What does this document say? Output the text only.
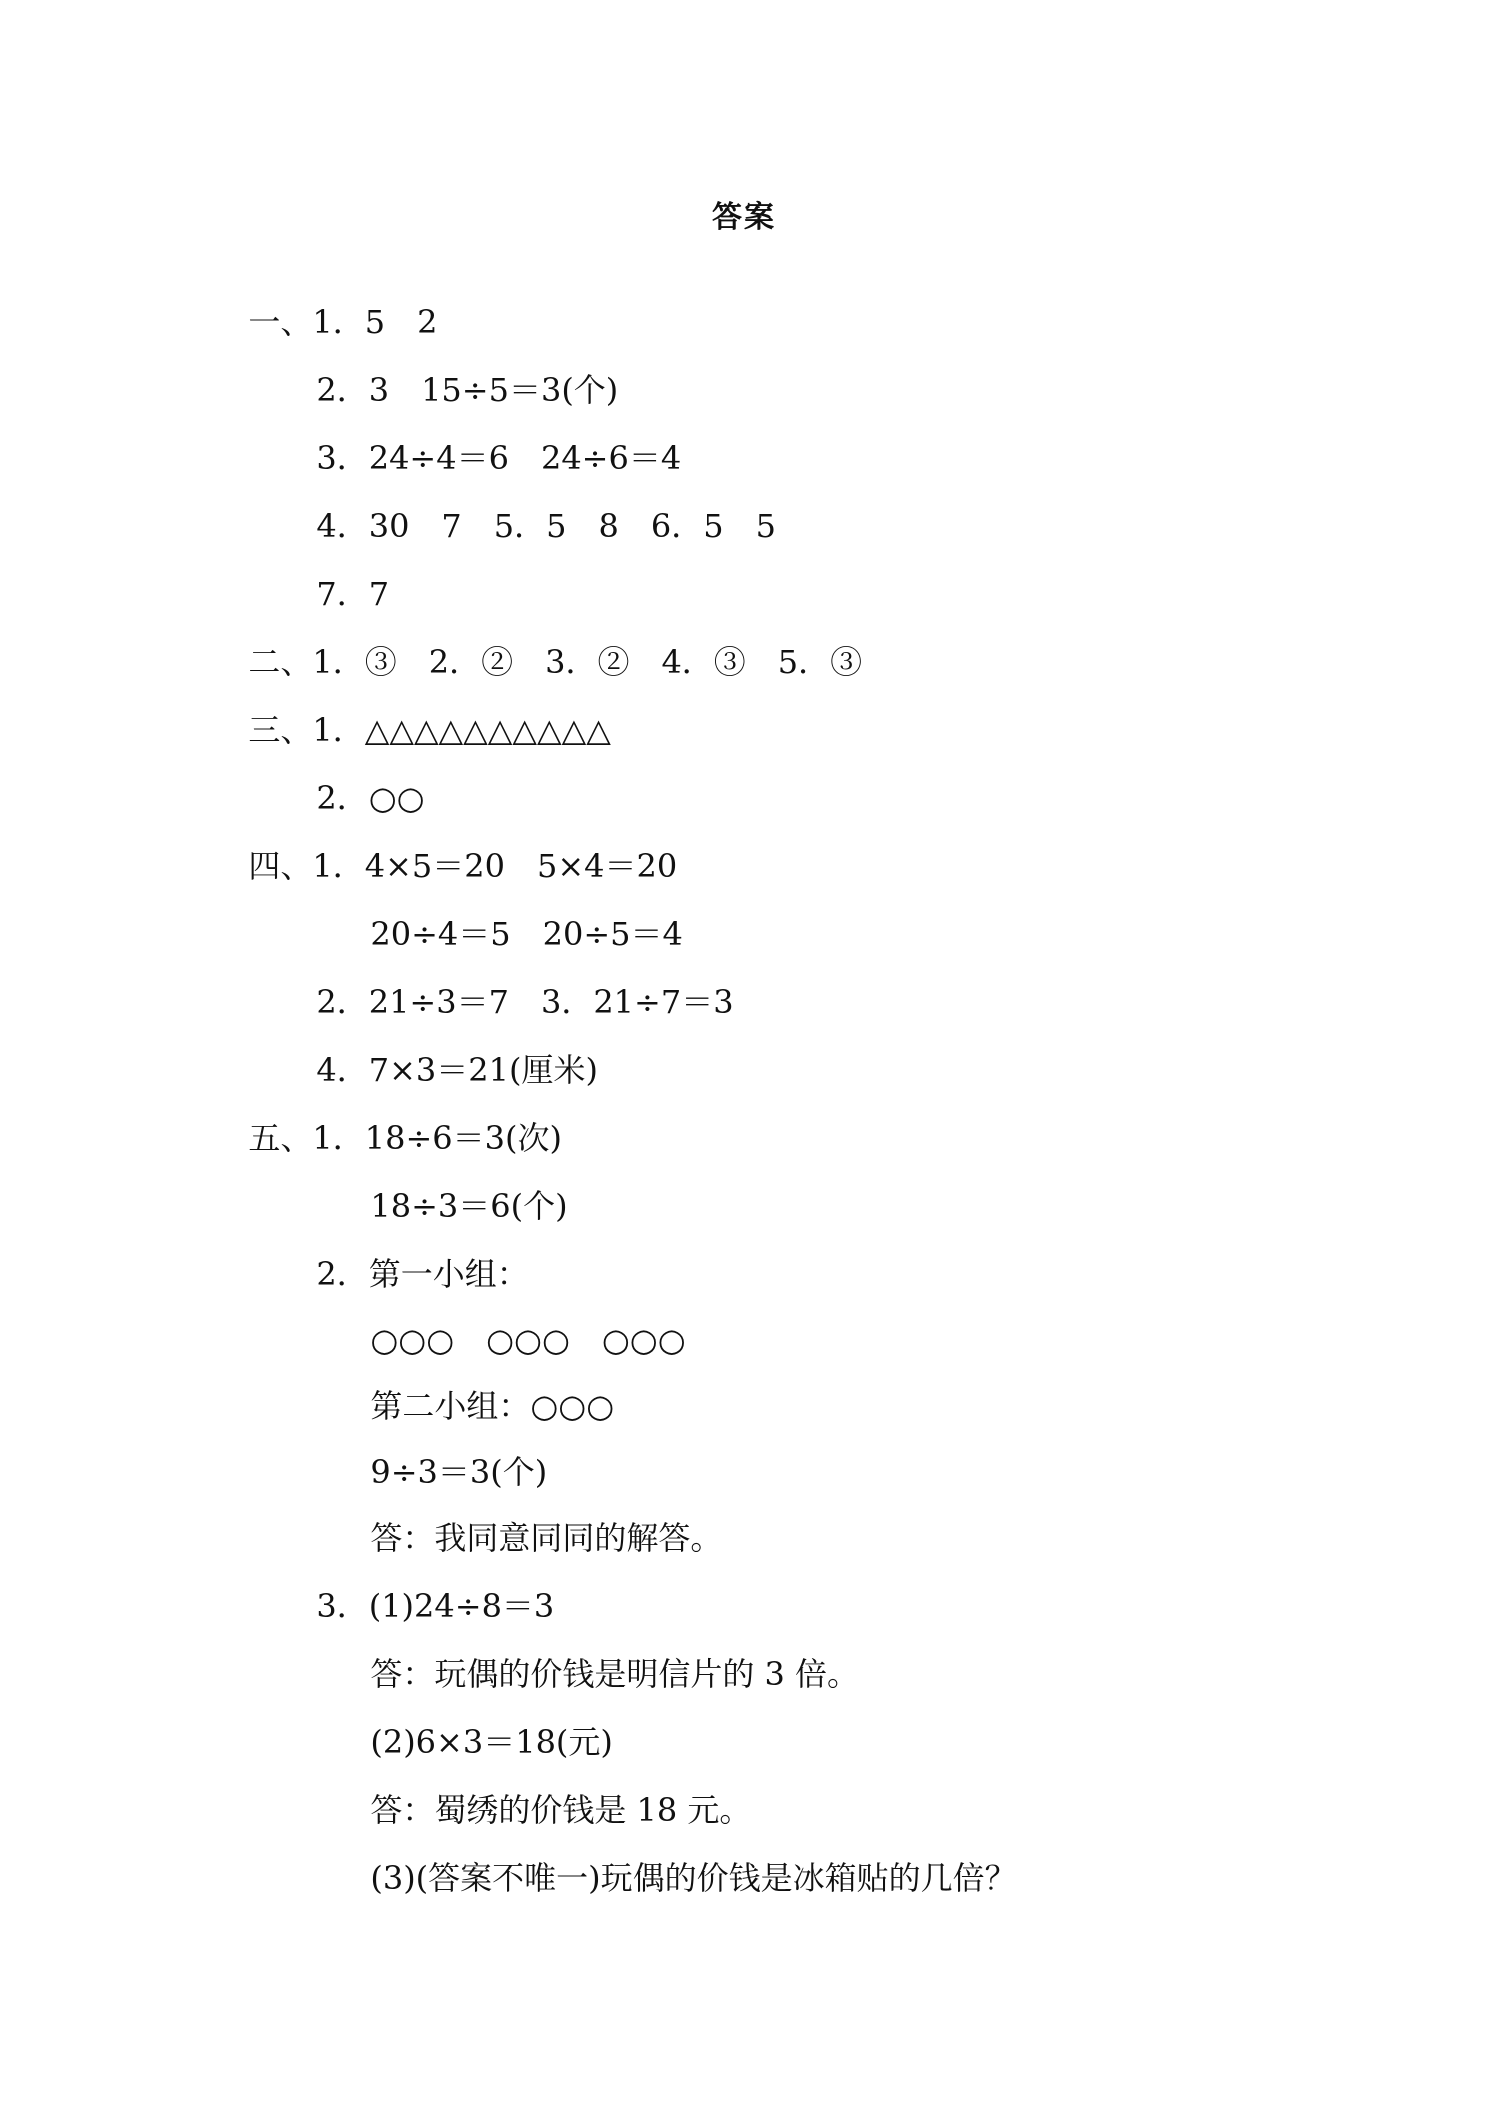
答案

一、1．5　2

2．3　15÷5＝3(个)

3．24÷4＝6　24÷6＝4

4．30　7　5．5　8　6．5　5

7．7

二、1．③　2．②　3．②　4．③　5．③

三、1．△△△△△△△△△△

2．○○

四、1．4×5＝20　5×4＝20

20÷4＝5　20÷5＝4

2．21÷3＝7　3．21÷7＝3

4．7×3＝21(厘米)

五、1．18÷6＝3(次)

18÷3＝6(个)

2．第一小组：

○○○　○○○　○○○

第二小组：○○○

9÷3＝3(个)

答：我同意同同的解答。

3．(1)24÷8＝3

答：玩偶的价钱是明信片的 3 倍。

(2)6×3＝18(元)

答：蜀绣的价钱是 18 元。

(3)(答案不唯一)玩偶的价钱是冰箱贴的几倍？
